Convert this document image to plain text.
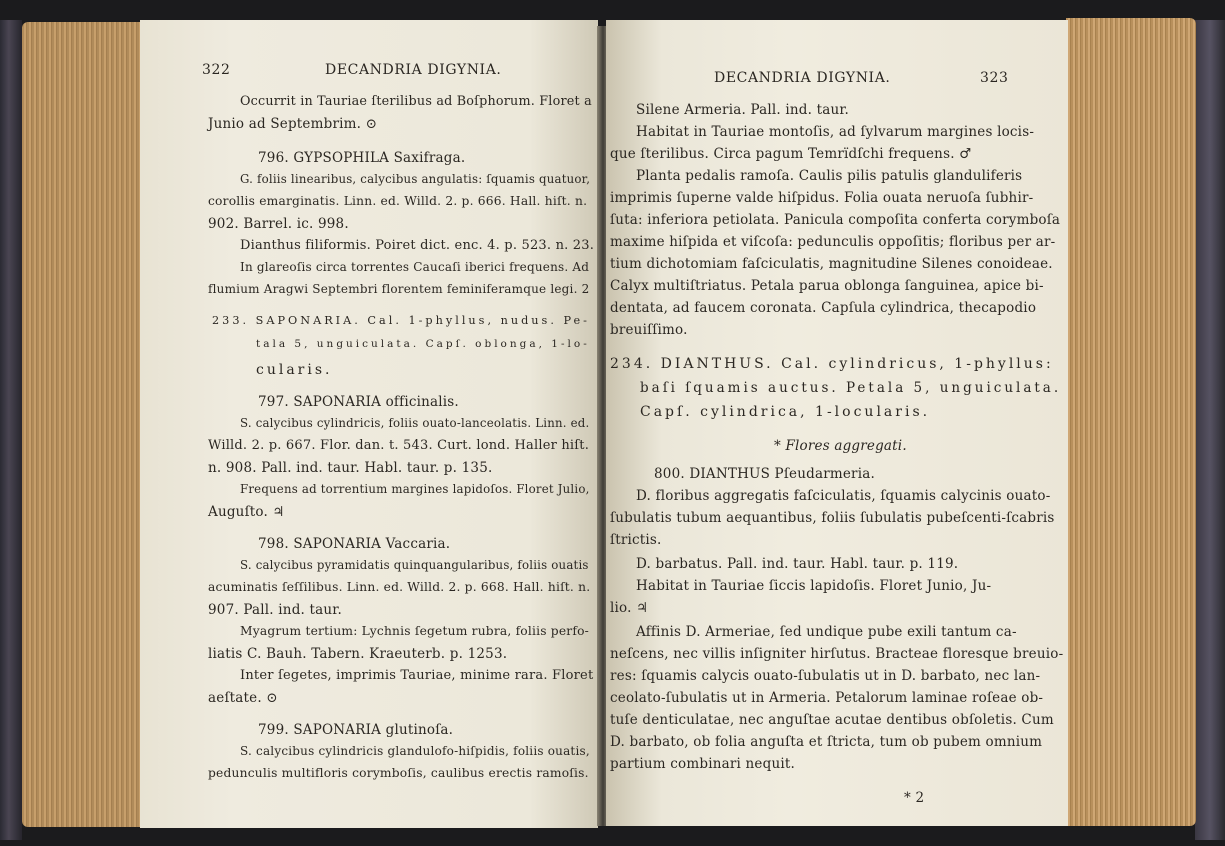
322	DECANDRIA DIGYNIA.
Occurrit in Tauriae ſterilibus ad Boſphorum. Floret a
Junio ad Septembrim. ⊙
796. GYPSOPHILA Saxifraga.
G. foliis linearibus, calycibus angulatis: ſquamis quatuor,
corollis emarginatis. Linn. ed. Willd. 2. p. 666. Hall. hiſt. n.
902. Barrel. ic. 998.
Dianthus filiformis. Poiret dict. enc. 4. p. 523. n. 23.
In glareoſis circa torrentes Caucaſi iberici frequens. Ad
flumium Aragwi Septembri florentem feminiferamque legi. 2
233. SAPONARIA. Cal. 1-phyllus, nudus. Pe-
tala 5, unguiculata. Capſ. oblonga, 1-lo-
cularis.
797. SAPONARIA officinalis.
S. calycibus cylindricis, foliis ouato-lanceolatis. Linn. ed.
Willd. 2. p. 667. Flor. dan. t. 543. Curt. lond. Haller hiſt.
n. 908. Pall. ind. taur. Habl. taur. p. 135.
Frequens ad torrentium margines lapidoſos. Floret Julio,
Auguſto. ♃
798. SAPONARIA Vaccaria.
S. calycibus pyramidatis quinquangularibus, foliis ouatis
acuminatis ſeſſilibus. Linn. ed. Willd. 2. p. 668. Hall. hiſt. n.
907. Pall. ind. taur.
Myagrum tertium: Lychnis ſegetum rubra, foliis perfo-
liatis C. Bauh. Tabern. Kraeuterb. p. 1253.
Inter ſegetes, imprimis Tauriae, minime rara. Floret
aeſtate. ⊙
799. SAPONARIA glutinoſa.
S. calycibus cylindricis glandulofo-hiſpidis, foliis ouatis,
pedunculis multifloris corymboſis, caulibus erectis ramoſis.
DECANDRIA DIGYNIA.	323
Silene Armeria. Pall. ind. taur.
Habitat in Tauriae montoſis, ad ſylvarum margines locis-
que ſterilibus. Circa pagum Temrïdſchi frequens. ♂
Planta pedalis ramoſa. Caulis pilis patulis glanduliferis
imprimis ſuperne valde hiſpidus. Folia ouata neruoſa ſubhir-
ſuta: inferiora petiolata. Panicula compoſita conferta corymboſa
maxime hiſpida et viſcoſa: pedunculis oppoſitis; floribus per ar-
tium dichotomiam faſciculatis, magnitudine Silenes conoideae.
Calyx multiſtriatus. Petala parua oblonga ſanguinea, apice bi-
dentata, ad faucem coronata. Capſula cylindrica, thecapodio
breuiſſimo.
234. DIANTHUS. Cal. cylindricus, 1-phyllus:
baſi ſquamis auctus. Petala 5, unguiculata.
Capſ. cylindrica, 1-locularis.
* Flores aggregati.
800. DIANTHUS Pſeudarmeria.
D. floribus aggregatis faſciculatis, ſquamis calycinis ouato-
ſubulatis tubum aequantibus, foliis ſubulatis pubeſcenti-ſcabris
ſtrictis.
D. barbatus. Pall. ind. taur. Habl. taur. p. 119.
Habitat in Tauriae ſiccis lapidoſis. Floret Junio, Ju-
lio. ♃
Affinis D. Armeriae, ſed undique pube exili tantum ca-
neſcens, nec villis inſigniter hirſutus. Bracteae floresque breuio-
res: ſquamis calycis ouato-ſubulatis ut in D. barbato, nec lan-
ceolato-ſubulatis ut in Armeria. Petalorum laminae roſeae ob-
tuſe denticulatae, nec anguſtae acutae dentibus obſoletis. Cum
D. barbato, ob folia anguſta et ſtricta, tum ob pubem omnium
partium combinari nequit.
* 2
